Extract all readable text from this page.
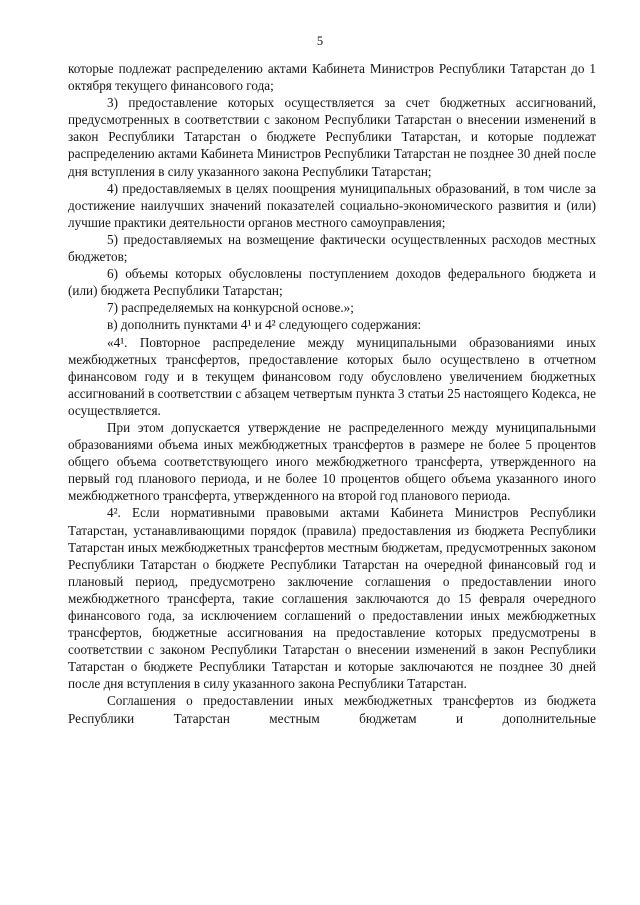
5

которые подлежат распределению актами Кабинета Министров Республики Татарстан до 1 октября текущего финансового года;

3) предоставление которых осуществляется за счет бюджетных ассигнований, предусмотренных в соответствии с законом Республики Татарстан о внесении изменений в закон Республики Татарстан о бюджете Республики Татарстан, и которые подлежат распределению актами Кабинета Министров Республики Татарстан не позднее 30 дней после дня вступления в силу указанного закона Республики Татарстан;

4) предоставляемых в целях поощрения муниципальных образований, в том числе за достижение наилучших значений показателей социально-экономического развития и (или) лучшие практики деятельности органов местного самоуправления;

5) предоставляемых на возмещение фактически осуществленных расходов местных бюджетов;

6) объемы которых обусловлены поступлением доходов федерального бюджета и (или) бюджета Республики Татарстан;

7) распределяемых на конкурсной основе.»;

в) дополнить пунктами 4¹ и 4² следующего содержания:

«4¹. Повторное распределение между муниципальными образованиями иных межбюджетных трансфертов, предоставление которых было осуществлено в отчетном финансовом году и в текущем финансовом году обусловлено увеличением бюджетных ассигнований в соответствии с абзацем четвертым пункта 3 статьи 25 настоящего Кодекса, не осуществляется.

При этом допускается утверждение не распределенного между муниципальными образованиями объема иных межбюджетных трансфертов в размере не более 5 процентов общего объема соответствующего иного межбюджетного трансферта, утвержденного на первый год планового периода, и не более 10 процентов общего объема указанного иного межбюджетного трансферта, утвержденного на второй год планового периода.

4². Если нормативными правовыми актами Кабинета Министров Республики Татарстан, устанавливающими порядок (правила) предоставления из бюджета Республики Татарстан иных межбюджетных трансфертов местным бюджетам, предусмотренных законом Республики Татарстан о бюджете Республики Татарстан на очередной финансовый год и плановый период, предусмотрено заключение соглашения о предоставлении иного межбюджетного трансферта, такие соглашения заключаются до 15 февраля очередного финансового года, за исключением соглашений о предоставлении иных межбюджетных трансфертов, бюджетные ассигнования на предоставление которых предусмотрены в соответствии с законом Республики Татарстан о внесении изменений в закон Республики Татарстан о бюджете Республики Татарстан и которые заключаются не позднее 30 дней после дня вступления в силу указанного закона Республики Татарстан.

Соглашения о предоставлении иных межбюджетных трансфертов из бюджета Республики Татарстан местным бюджетам и дополнительные
